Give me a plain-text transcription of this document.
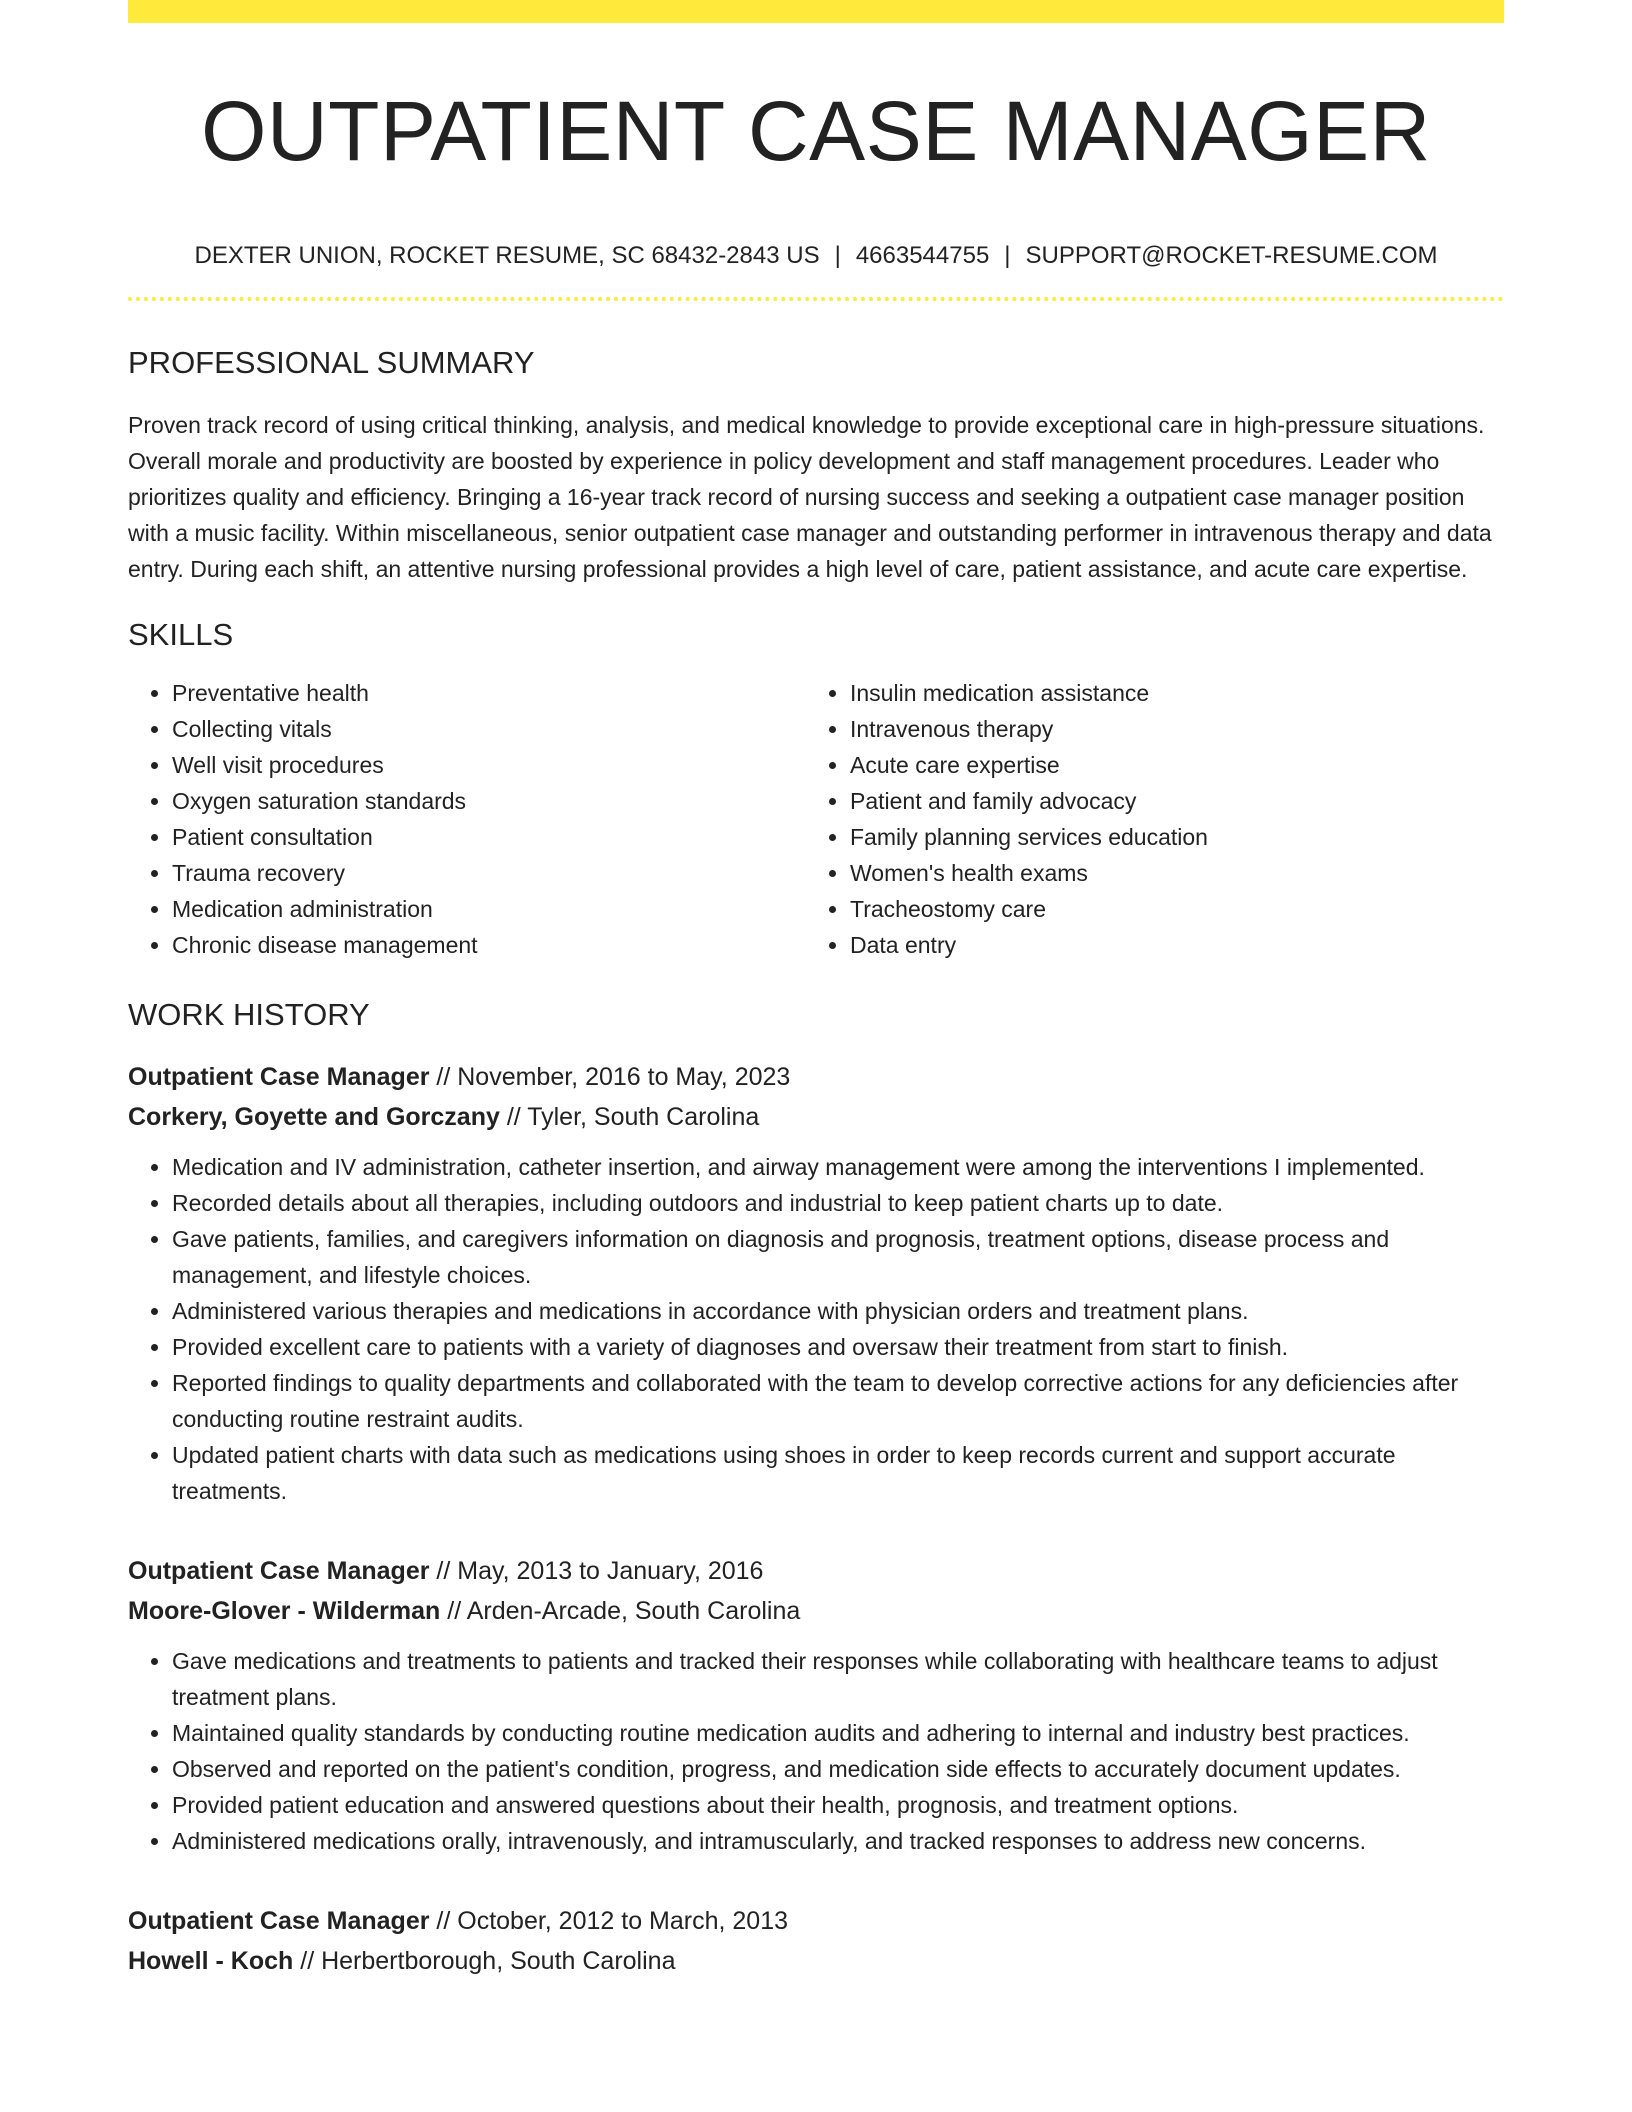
OUTPATIENT CASE MANAGER
DEXTER UNION, ROCKET RESUME, SC 68432-2843 US | 4663544755 | SUPPORT@ROCKET-RESUME.COM
PROFESSIONAL SUMMARY

Proven track record of using critical thinking, analysis, and medical knowledge to provide exceptional care in high-pressure situations. Overall morale and productivity are boosted by experience in policy development and staff management procedures. Leader who prioritizes quality and efficiency. Bringing a 16-year track record of nursing success and seeking a outpatient case manager position with a music facility. Within miscellaneous, senior outpatient case manager and outstanding performer in intravenous therapy and data entry. During each shift, an attentive nursing professional provides a high level of care, patient assistance, and acute care expertise.

SKILLS
• Preventative health
• Collecting vitals
• Well visit procedures
• Oxygen saturation standards
• Patient consultation
• Trauma recovery
• Medication administration
• Chronic disease management
• Insulin medication assistance
• Intravenous therapy
• Acute care expertise
• Patient and family advocacy
• Family planning services education
• Women's health exams
• Tracheostomy care
• Data entry
WORK HISTORY
Outpatient Case Manager // November, 2016 to May, 2023
Corkery, Goyette and Gorczany // Tyler, South Carolina
• Medication and IV administration, catheter insertion, and airway management were among the interventions I implemented.
• Recorded details about all therapies, including outdoors and industrial to keep patient charts up to date.
• Gave patients, families, and caregivers information on diagnosis and prognosis, treatment options, disease process and management, and lifestyle choices.
• Administered various therapies and medications in accordance with physician orders and treatment plans.
• Provided excellent care to patients with a variety of diagnoses and oversaw their treatment from start to finish.
• Reported findings to quality departments and collaborated with the team to develop corrective actions for any deficiencies after conducting routine restraint audits.
• Updated patient charts with data such as medications using shoes in order to keep records current and support accurate treatments.
Outpatient Case Manager // May, 2013 to January, 2016
Moore-Glover - Wilderman // Arden-Arcade, South Carolina
• Gave medications and treatments to patients and tracked their responses while collaborating with healthcare teams to adjust treatment plans.
• Maintained quality standards by conducting routine medication audits and adhering to internal and industry best practices.
• Observed and reported on the patient's condition, progress, and medication side effects to accurately document updates.
• Provided patient education and answered questions about their health, prognosis, and treatment options.
• Administered medications orally, intravenously, and intramuscularly, and tracked responses to address new concerns.
Outpatient Case Manager // October, 2012 to March, 2013
Howell - Koch // Herbertborough, South Carolina
